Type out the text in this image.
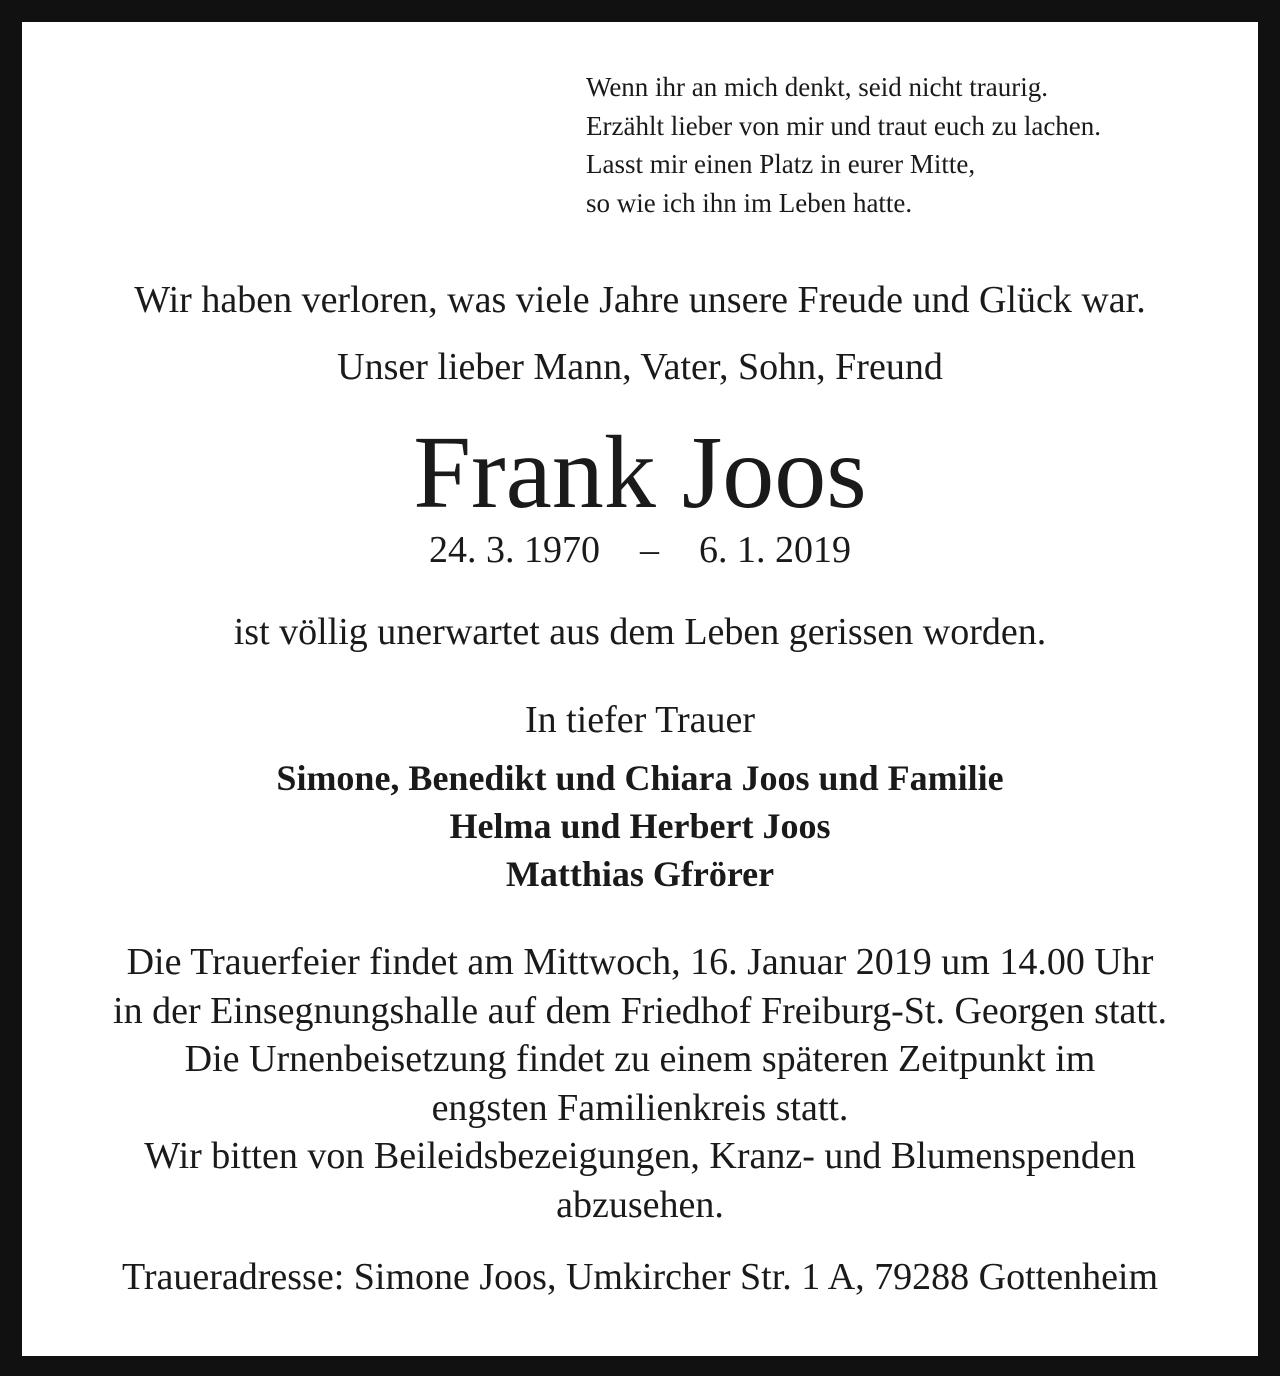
Wenn ihr an mich denkt, seid nicht traurig.
Erzählt lieber von mir und traut euch zu lachen.
Lasst mir einen Platz in eurer Mitte,
so wie ich ihn im Leben hatte.
Wir haben verloren, was viele Jahre unsere Freude und Glück war.
Unser lieber Mann, Vater, Sohn, Freund
Frank Joos
24. 3. 1970 – 6. 1. 2019
ist völlig unerwartet aus dem Leben gerissen worden.
In tiefer Trauer
Simone, Benedikt und Chiara Joos und Familie
Helma und Herbert Joos
Matthias Gfrörer
Die Trauerfeier findet am Mittwoch, 16. Januar 2019 um 14.00 Uhr
in der Einsegnungshalle auf dem Friedhof Freiburg-St. Georgen statt.
Die Urnenbeisetzung findet zu einem späteren Zeitpunkt im
engsten Familienkreis statt.
Wir bitten von Beileidsbezeigungen, Kranz- und Blumenspenden
abzusehen.
Traueradresse: Simone Joos, Umkircher Str. 1 A, 79288 Gottenheim
